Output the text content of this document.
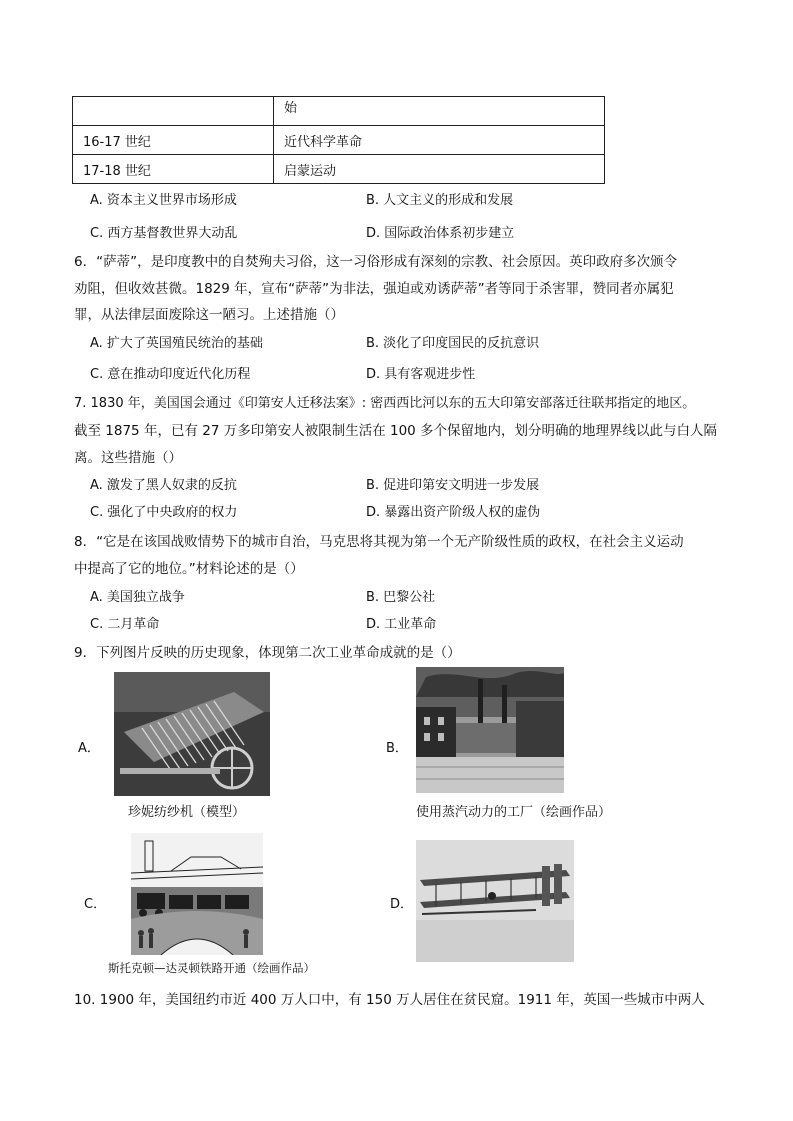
	始
16-17 世纪	近代科学革命
17-18 世纪	启蒙运动
A. 资本主义世界市场形成	B. 人文主义的形成和发展
C. 西方基督教世界大动乱	D. 国际政治体系初步建立
6．“萨蒂”，是印度教中的自焚殉夫习俗，这一习俗形成有深刻的宗教、社会原因。英印政府多次颁令
劝阻，但收效甚微。1829 年，宣布“萨蒂”为非法，强迫或劝诱萨蒂”者等同于杀害罪，赞同者亦属犯
罪，从法律层面废除这一陋习。上述措施（）
A. 扩大了英国殖民统治的基础	B. 淡化了印度国民的反抗意识
C. 意在推动印度近代化历程	D. 具有客观进步性
7. 1830 年，美国国会通过《印第安人迁移法案》: 密西西比河以东的五大印第安部落迁往联邦指定的地区。
截至 1875 年，已有 27 万多印第安人被限制生活在 100 多个保留地内，划分明确的地理界线以此与白人隔
离。这些措施（）
A. 激发了黑人奴隶的反抗	B. 促进印第安文明进一步发展
C. 强化了中央政府的权力	D. 暴露出资产阶级人权的虚伪
8．“它是在该国战败情势下的城市自治，马克思将其视为第一个无产阶级性质的政权，在社会主义运动
中提高了它的地位。”材料论述的是（）
A. 美国独立战争	B. 巴黎公社
C. 二月革命	D. 工业革命
9．下列图片反映的历史现象，体现第二次工业革命成就的是（）
A．
珍妮纺纱机（模型）
B．
使用蒸汽动力的工厂（绘画作品）
C．
斯托克顿—达灵顿铁路开通（绘画作品）
D．
10. 1900 年，美国纽约市近 400 万人口中，有 150 万人居住在贫民窟。1911 年，英国一些城市中两人
